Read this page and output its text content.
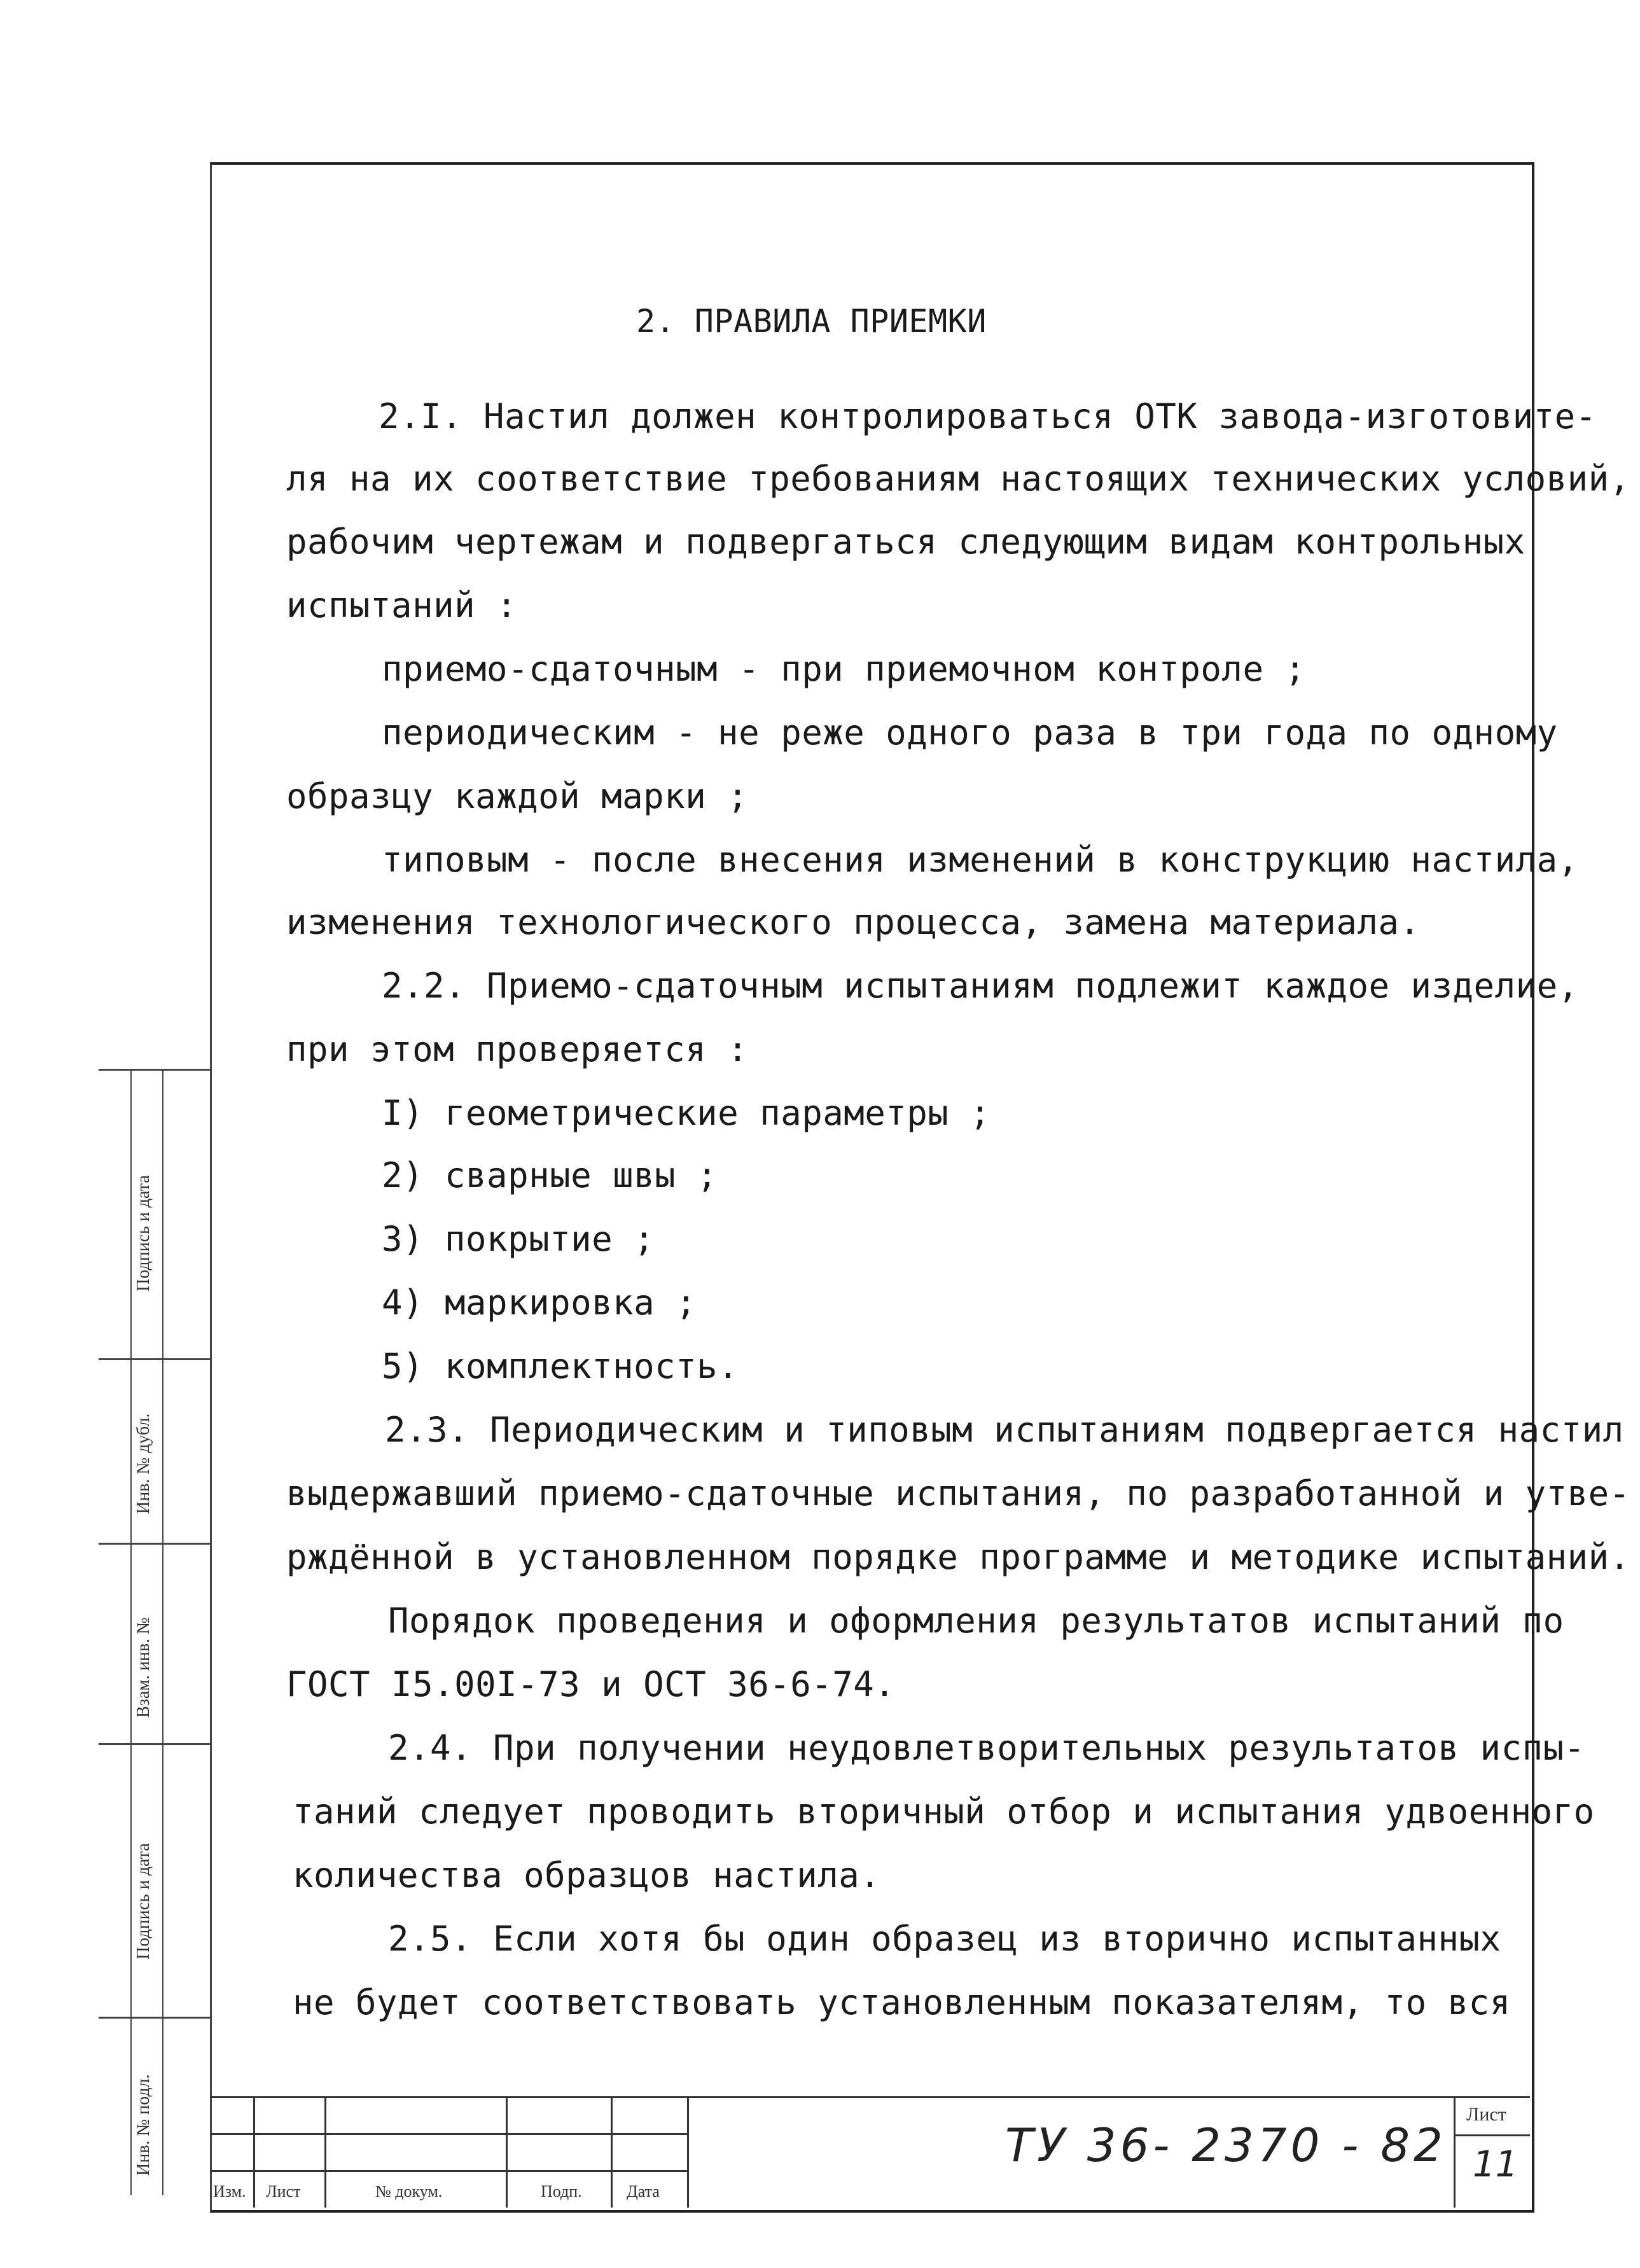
2. ПРАВИЛА ПРИЕМКИ
2.I. Настил должен контролироваться ОТК завода-изготовите-
ля на их соответствие требованиям настоящих технических условий,
рабочим чертежам и подвергаться следующим видам контрольных
испытаний :
приемо-сдаточным - при приемочном контроле ;
периодическим - не реже одного раза в три года по одному
образцу каждой марки ;
типовым - после внесения изменений в конструкцию настила,
изменения технологического процесса, замена материала.
2.2. Приемо-сдаточным испытаниям подлежит каждое изделие,
при этом проверяется :
I) геометрические параметры ;
2) сварные швы ;
3) покрытие ;
4) маркировка ;
5) комплектность.
2.3. Периодическим и типовым испытаниям подвергается настил
выдержавший приемо-сдаточные испытания, по разработанной и утве-
рждённой в установленном порядке программе и методике испытаний.
Порядок проведения и оформления результатов испытаний по
ГОСТ I5.00I-73 и ОСТ 36-6-74.
2.4. При получении неудовлетворительных результатов испы-
таний следует проводить вторичный отбор и испытания удвоенного
количества образцов настила.
2.5. Если хотя бы один образец из вторично испытанных
не будет соответствовать установленным показателям, то вся
Подпись и дата
Инв. № дубл.
Взам. инв. №
Подпись и дата
Инв. № подл.
Изм. Лист	№ докум.	Подп.	Дата
ТУ 36- 2370 - 82
Лист
11
